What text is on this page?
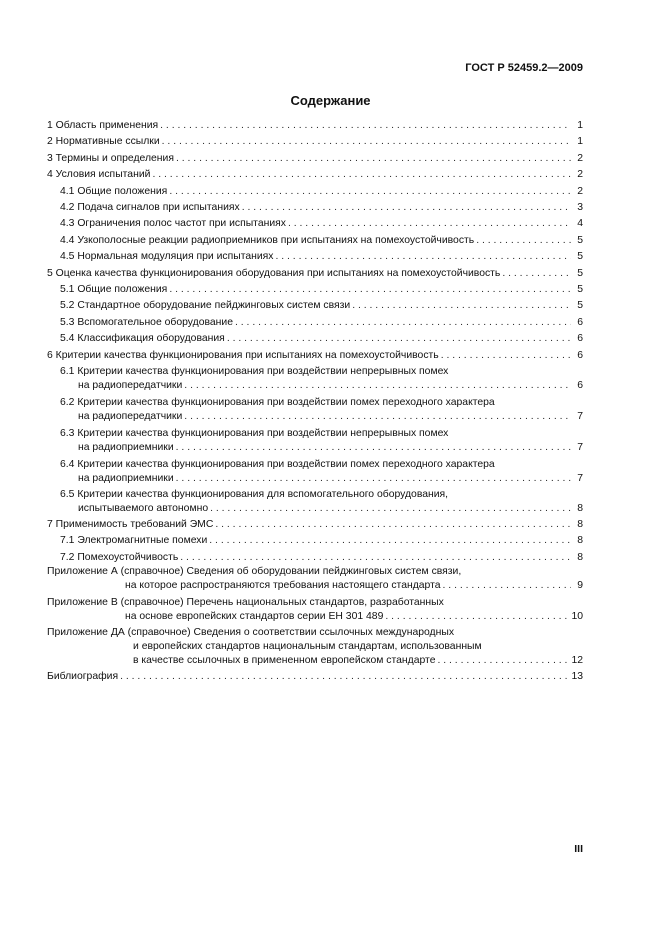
ГОСТ Р 52459.2—2009
Содержание
1 Область применения . . .	1
2 Нормативные ссылки . . .	1
3 Термины и определения . . .	2
4 Условия испытаний . . .	2
4.1 Общие положения . . .	2
4.2 Подача сигналов при испытаниях . . .	3
4.3 Ограничения полос частот при испытаниях . . .	4
4.4 Узкополосные реакции радиоприемников при испытаниях на помехоустойчивость . . .	5
4.5 Нормальная модуляция при испытаниях . . .	5
5 Оценка качества функционирования оборудования при испытаниях на помехоустойчивость . . .	5
5.1 Общие положения . . .	5
5.2 Стандартное оборудование пейджинговых систем связи . . .	5
5.3 Вспомогательное оборудование . . .	6
5.4 Классификация оборудования . . .	6
6 Критерии качества функционирования при испытаниях на помехоустойчивость . . .	6
6.1 Критерии качества функционирования при воздействии непрерывных помех
на радиопередатчики . . .	6
6.2 Критерии качества функционирования при воздействии помех переходного характера
на радиопередатчики . . .	7
6.3 Критерии качества функционирования при воздействии непрерывных помех
на радиоприемники . . .	7
6.4 Критерии качества функционирования при воздействии помех переходного характера
на радиоприемники . . .	7
6.5 Критерии качества функционирования для вспомогательного оборудования,
испытываемого автономно . . .	8
7 Применимость требований ЭМС . . .	8
7.1 Электромагнитные помехи . . .	8
7.2 Помехоустойчивость . . .	8
Приложение А (справочное) Сведения об оборудовании пейджинговых систем связи,
на которое распространяются требования настоящего стандарта . . .	9
Приложение В (справочное) Перечень национальных стандартов, разработанных
на основе европейских стандартов серии ЕН 301 489 . . .	10
Приложение ДА (справочное) Сведения о соответствии ссылочных международных
и европейских стандартов национальным стандартам, использованным
в качестве ссылочных в примененном европейском стандарте . . .	12
Библиография . . .	13
III
